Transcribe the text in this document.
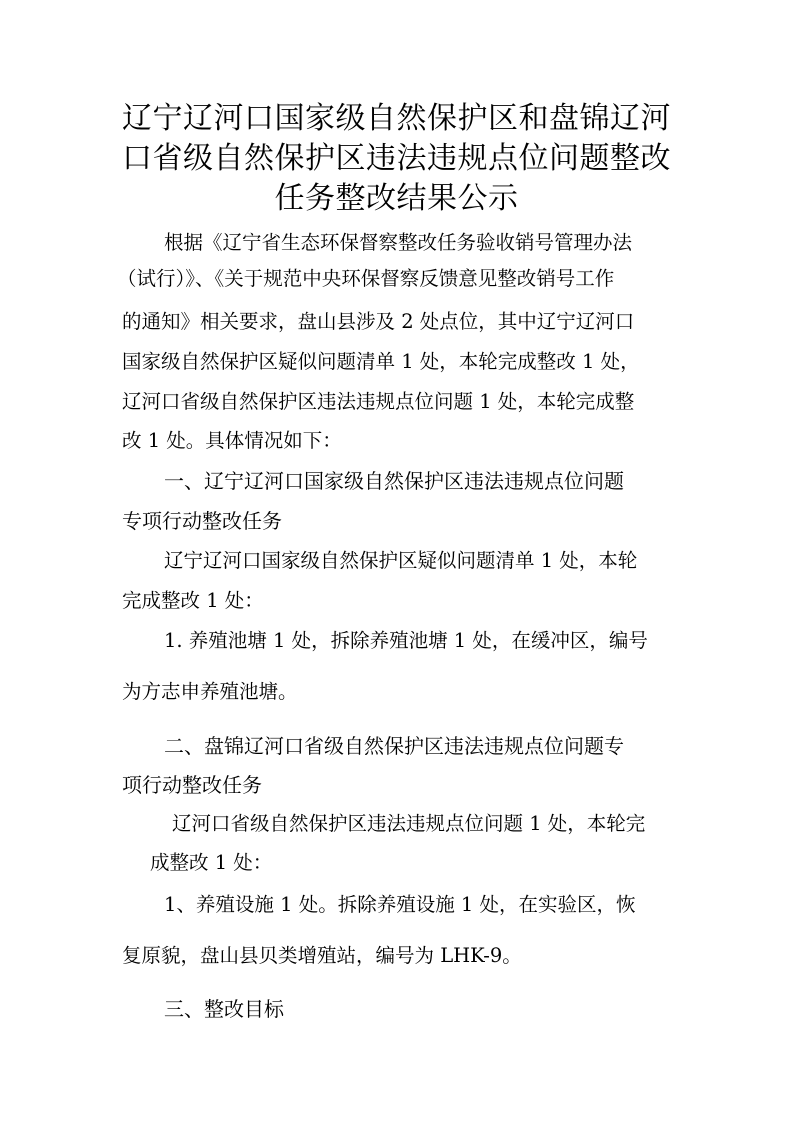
辽宁辽河口国家级自然保护区和盘锦辽河
口省级自然保护区违法违规点位问题整改
任务整改结果公示
根据《辽宁省生态环保督察整改任务验收销号管理办法
（试行）》、《关于规范中央环保督察反馈意见整改销号工作
的通知》相关要求，盘山县涉及 2 处点位，其中辽宁辽河口
国家级自然保护区疑似问题清单 1 处，本轮完成整改 1 处，
辽河口省级自然保护区违法违规点位问题 1 处，本轮完成整
改 1 处。具体情况如下：
一、辽宁辽河口国家级自然保护区违法违规点位问题
专项行动整改任务
辽宁辽河口国家级自然保护区疑似问题清单 1 处，本轮
完成整改 1 处：
1. 养殖池塘 1 处，拆除养殖池塘 1 处，在缓冲区，编号
为方志申养殖池塘。
二、盘锦辽河口省级自然保护区违法违规点位问题专
项行动整改任务
辽河口省级自然保护区违法违规点位问题 1 处，本轮完
成整改 1 处：
1、养殖设施 1 处。拆除养殖设施 1 处，在实验区，恢
复原貌，盘山县贝类增殖站，编号为 LHK-9。
三、整改目标
